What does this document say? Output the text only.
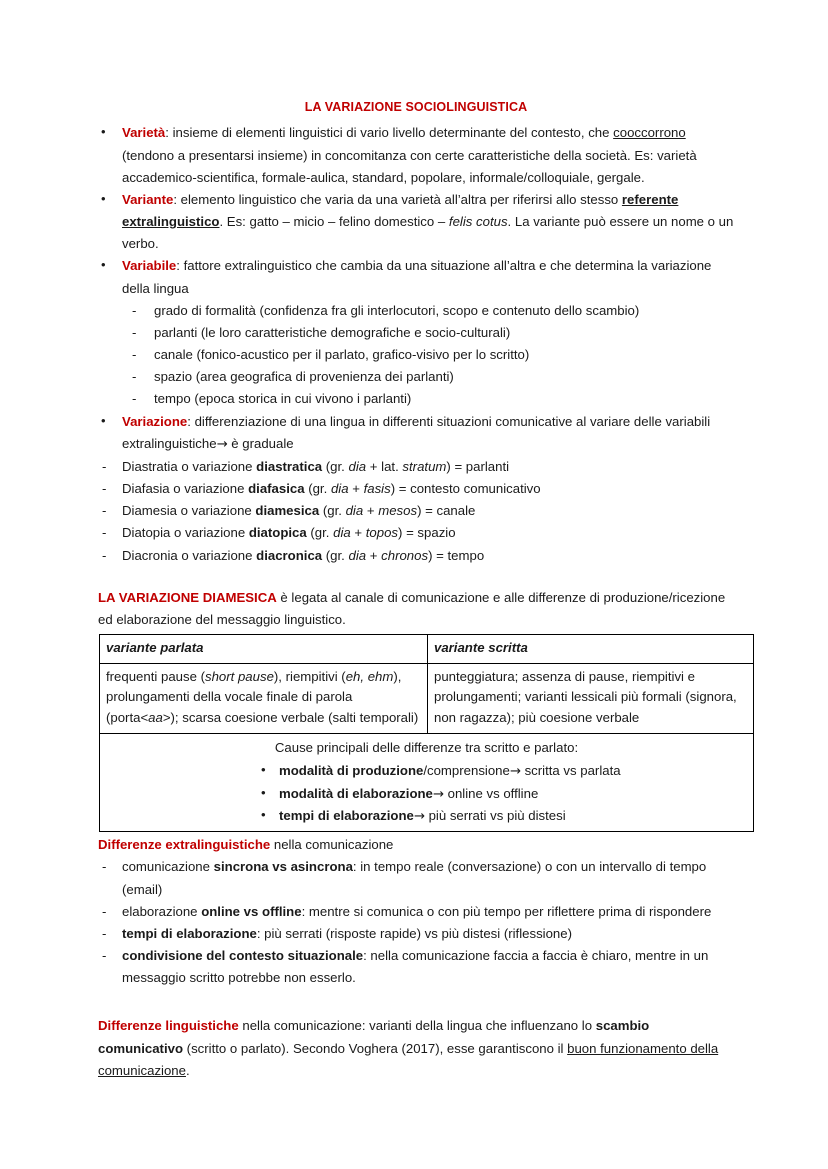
LA VARIAZIONE SOCIOLINGUISTICA
• Varietà: insieme di elementi linguistici di vario livello determinante del contesto, che cooccorrono (tendono a presentarsi insieme) in concomitanza con certe caratteristiche della società. Es: varietà accademico-scientifica, formale-aulica, standard, popolare, informale/colloquiale, gergale.
• Variante: elemento linguistico che varia da una varietà all’altra per riferirsi allo stesso referente extralinguistico. Es: gatto – micio – felino domestico – felis cotus. La variante può essere un nome o un verbo.
• Variabile: fattore extralinguistico che cambia da una situazione all’altra e che determina la variazione della lingua
- grado di formalità (confidenza fra gli interlocutori, scopo e contenuto dello scambio)
- parlanti (le loro caratteristiche demografiche e socio-culturali)
- canale (fonico-acustico per il parlato, grafico-visivo per lo scritto)
- spazio (area geografica di provenienza dei parlanti)
- tempo (epoca storica in cui vivono i parlanti)
• Variazione: differenziazione di una lingua in differenti situazioni comunicative al variare delle variabili extralinguistiche→ è graduale
- Diastratia o variazione diastratica (gr. dia + lat. stratum) = parlanti
- Diafasia o variazione diafasica (gr. dia + fasis) = contesto comunicativo
- Diamesia o variazione diamesica (gr. dia + mesos) = canale
- Diatopia o variazione diatopica (gr. dia + topos) = spazio
- Diacronia o variazione diacronica (gr. dia + chronos) = tempo

LA VARIAZIONE DIAMESICA è legata al canale di comunicazione e alle differenze di produzione/ricezione ed elaborazione del messaggio linguistico.

variante parlata	variante scritta
frequenti pause (short pause), riempitivi (eh, ehm), prolungamenti della vocale finale di parola (porta<aa>); scarsa coesione verbale (salti temporali)	punteggiatura; assenza di pause, riempitivi e prolungamenti; varianti lessicali più formali (signora, non ragazza); più coesione verbale

Cause principali delle differenze tra scritto e parlato:
• modalità di produzione/comprensione→ scritta vs parlata
• modalità di elaborazione→ online vs offline
• tempi di elaborazione→ più serrati vs più distesi

Differenze extralinguistiche nella comunicazione

- comunicazione sincrona vs asincrona: in tempo reale (conversazione) o con un intervallo di tempo (email)
- elaborazione online vs offline: mentre si comunica o con più tempo per riflettere prima di rispondere
- tempi di elaborazione: più serrati (risposte rapide) vs più distesi (riflessione)
- condivisione del contesto situazionale: nella comunicazione faccia a faccia è chiaro, mentre in un messaggio scritto potrebbe non esserlo.

Differenze linguistiche nella comunicazione: varianti della lingua che influenzano lo scambio comunicativo (scritto o parlato). Secondo Voghera (2017), esse garantiscono il buon funzionamento della comunicazione.
